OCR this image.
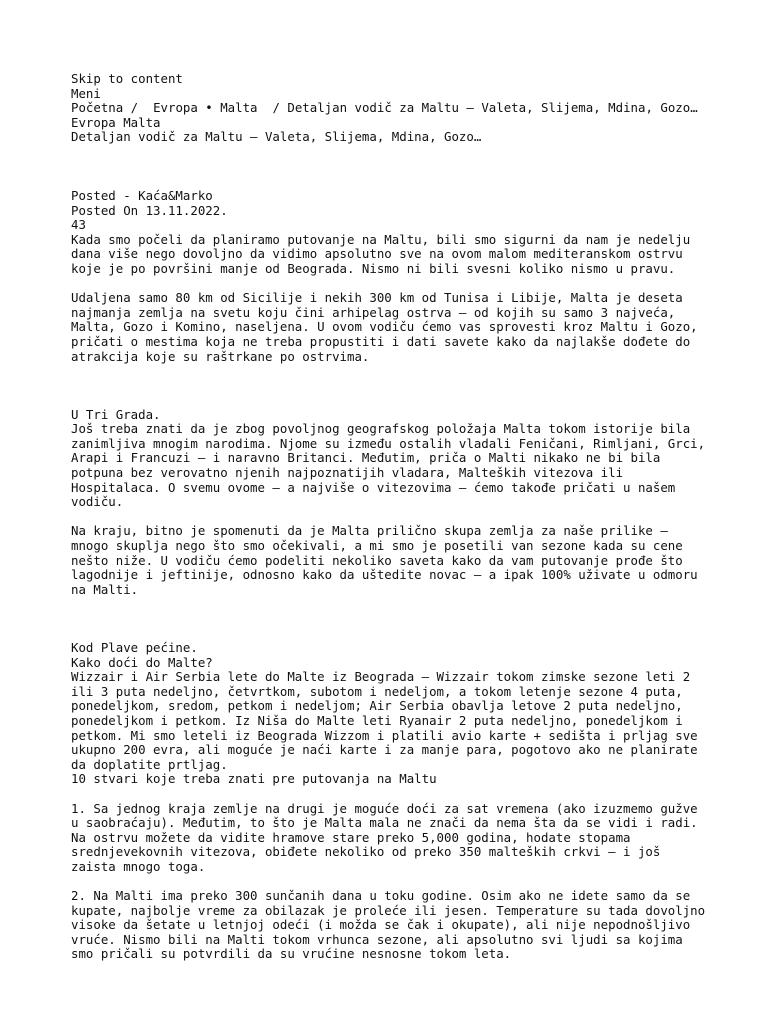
Skip to content
Meni
Početna /  Evropa • Malta  / Detaljan vodič za Maltu — Valeta, Slijema, Mdina, Gozo…
Evropa Malta
Detaljan vodič za Maltu — Valeta, Slijema, Mdina, Gozo…
Posted - Kaća&Marko
Posted On 13.11.2022.
43

Kada smo počeli da planiramo putovanje na Maltu, bili smo sigurni da nam je nedelju dana više nego dovoljno da vidimo apsolutno sve na ovom malom mediteranskom ostrvu koje je po površini manje od Beograda. Nismo ni bili svesni koliko nismo u pravu.

Udaljena samo 80 km od Sicilije i nekih 300 km od Tunisa i Libije, Malta je deseta najmanja zemlja na svetu koju čini arhipelag ostrva — od kojih su samo 3 najveća, Malta, Gozo i Komino, naseljena. U ovom vodiču ćemo vas sprovesti kroz Maltu i Gozo, pričati o mestima koja ne treba propustiti i dati savete kako da najlakše dođete do atrakcija koje su raštrkane po ostrvima.

U Tri Grada.

Još treba znati da je zbog povoljnog geografskog položaja Malta tokom istorije bila zanimljiva mnogim narodima. Njome su između ostalih vladali Feničani, Rimljani, Grci, Arapi i Francuzi — i naravno Britanci. Međutim, priča o Malti nikako ne bi bila potpuna bez verovatno njenih najpoznatijih vladara, Malteških vitezova ili Hospitalaca. O svemu ovome — a najviše o vitezovima — ćemo takođe pričati u našem vodiču.

Na kraju, bitno je spomenuti da je Malta prilično skupa zemlja za naše prilike — mnogo skuplja nego što smo očekivali, a mi smo je posetili van sezone kada su cene nešto niže. U vodiču ćemo podeliti nekoliko saveta kako da vam putovanje prođe što lagodnije i jeftinije, odnosno kako da uštedite novac — a ipak 100% uživate u odmoru na Malti.

Kod Plave pećine.
Kako doći do Malte?
Wizzair i Air Serbia lete do Malte iz Beograda — Wizzair tokom zimske sezone leti 2 ili 3 puta nedeljno, četvrtkom, subotom i nedeljom, a tokom letenje sezone 4 puta, ponedeljkom, sredom, petkom i nedeljom; Air Serbia obavlja letove 2 puta nedeljno, ponedeljkom i petkom. Iz Niša do Malte leti Ryanair 2 puta nedeljno, ponedeljkom i petkom. Mi smo leteli iz Beograda Wizzom i platili avio karte + sedišta i prljag sve ukupno 200 evra, ali moguće je naći karte i za manje para, pogotovo ako ne planirate da doplatite prtljag.
10 stvari koje treba znati pre putovanja na Maltu

1. Sa jednog kraja zemlje na drugi je moguće doći za sat vremena (ako izuzmemo gužve u saobraćaju). Međutim, to što je Malta mala ne znači da nema šta da se vidi i radi. Na ostrvu možete da vidite hramove stare preko 5,000 godina, hodate stopama srednjevekovnih vitezova, obiđete nekoliko od preko 350 malteških crkvi — i još zaista mnogo toga.

2. Na Malti ima preko 300 sunčanih dana u toku godine. Osim ako ne idete samo da se kupate, najbolje vreme za obilazak je proleće ili jesen. Temperature su tada dovoljno visoke da šetate u letnjoj odeći (i možda se čak i okupate), ali nije nepodnošljivo vruće. Nismo bili na Malti tokom vrhunca sezone, ali apsolutno svi ljudi sa kojima smo pričali su potvrdili da su vrućine nesnosne tokom leta.
